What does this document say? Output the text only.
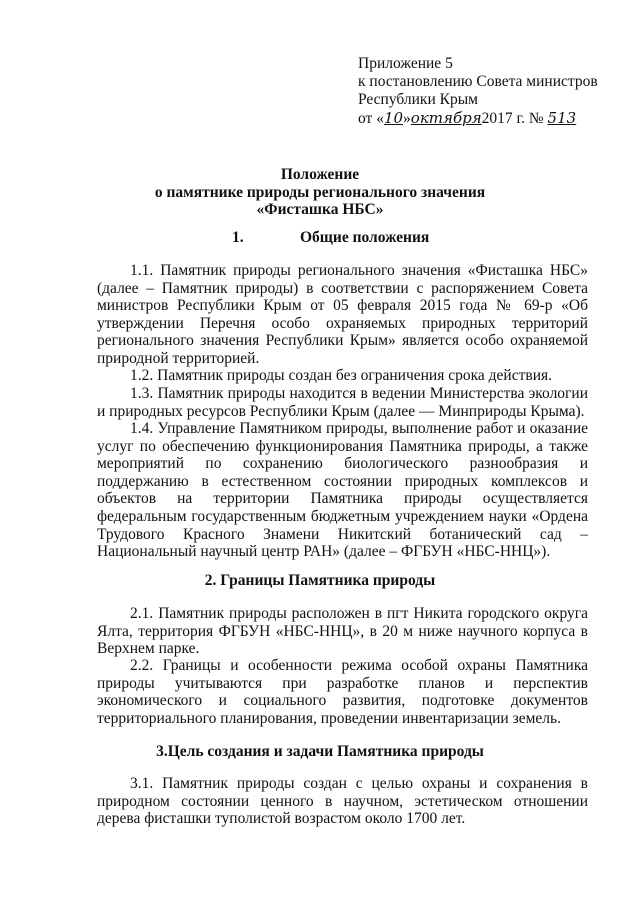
Приложение 5
к постановлению Совета министров
Республики Крым
от «10»октября2017 г. № 513
Положение
о памятнике природы регионального значения
«Фисташка НБС»
1.	Общие положения
1.1. Памятник природы регионального значения «Фисташка НБС» (далее – Памятник природы) в соответствии с распоряжением Совета министров Республики Крым от 05 февраля 2015 года № 69-р «Об утверждении Перечня особо охраняемых природных территорий регионального значения Республики Крым» является особо охраняемой природной территорией.
1.2. Памятник природы создан без ограничения срока действия.
1.3. Памятник природы находится в ведении Министерства экологии и природных ресурсов Республики Крым (далее — Минприроды Крыма).
1.4. Управление Памятником природы, выполнение работ и оказание услуг по обеспечению функционирования Памятника природы, а также мероприятий по сохранению биологического разнообразия и поддержанию в естественном состоянии природных комплексов и объектов на территории Памятника природы осуществляется федеральным государственным бюджетным учреждением науки «Ордена Трудового Красного Знамени Никитский ботанический сад – Национальный научный центр РАН» (далее – ФГБУН «НБС-ННЦ»).
2. Границы Памятника природы
2.1. Памятник природы расположен в пгт Никита городского округа Ялта, территория ФГБУН «НБС-ННЦ», в 20 м ниже научного корпуса в Верхнем парке.
2.2. Границы и особенности режима особой охраны Памятника природы учитываются при разработке планов и перспектив экономического и социального развития, подготовке документов территориального планирования, проведении инвентаризации земель.
3.Цель создания и задачи Памятника природы
3.1. Памятник природы создан с целью охраны и сохранения в природном состоянии ценного в научном, эстетическом отношении дерева фисташки туполистой возрастом около 1700 лет.
